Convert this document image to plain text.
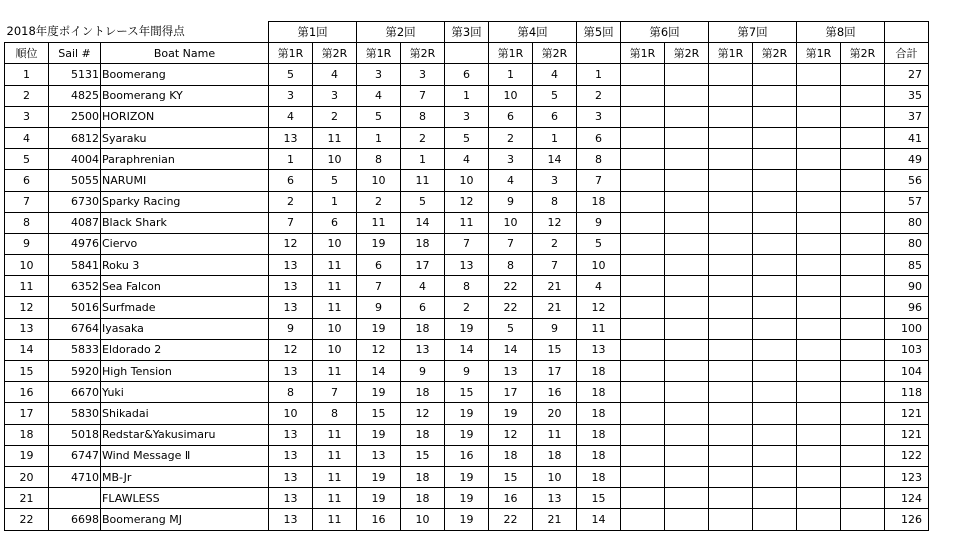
2018年度ポイントレース年間得点			第1回		第2回		第3回	第4回		第5回	第6回		第7回		第8回		
順位	Sail #	Boat Name	第1R	第2R	第1R	第2R		第1R	第2R		第1R	第2R	第1R	第2R	第1R	第2R	合計
1	5131	Boomerang	5	4	3	3	6	1	4	1							27
2	4825	Boomerang KY	3	3	4	7	1	10	5	2							35
3	2500	HORIZON	4	2	5	8	3	6	6	3							37
4	6812	Syaraku	13	11	1	2	5	2	1	6							41
5	4004	Paraphrenian	1	10	8	1	4	3	14	8							49
6	5055	NARUMI	6	5	10	11	10	4	3	7							56
7	6730	Sparky Racing	2	1	2	5	12	9	8	18							57
8	4087	Black Shark	7	6	11	14	11	10	12	9							80
9	4976	Ciervo	12	10	19	18	7	7	2	5							80
10	5841	Roku 3	13	11	6	17	13	8	7	10							85
11	6352	Sea Falcon	13	11	7	4	8	22	21	4							90
12	5016	Surfmade	13	11	9	6	2	22	21	12							96
13	6764	Iyasaka	9	10	19	18	19	5	9	11							100
14	5833	Eldorado 2	12	10	12	13	14	14	15	13							103
15	5920	High Tension	13	11	14	9	9	13	17	18							104
16	6670	Yuki	8	7	19	18	15	17	16	18							118
17	5830	Shikadai	10	8	15	12	19	19	20	18							121
18	5018	Redstar&Yakusimaru	13	11	19	18	19	12	11	18							121
19	6747	Wind Message Ⅱ	13	11	13	15	16	18	18	18							122
20	4710	MB-Jr	13	11	19	18	19	15	10	18							123
21		FLAWLESS	13	11	19	18	19	16	13	15							124
22	6698	Boomerang MJ	13	11	16	10	19	22	21	14							126
